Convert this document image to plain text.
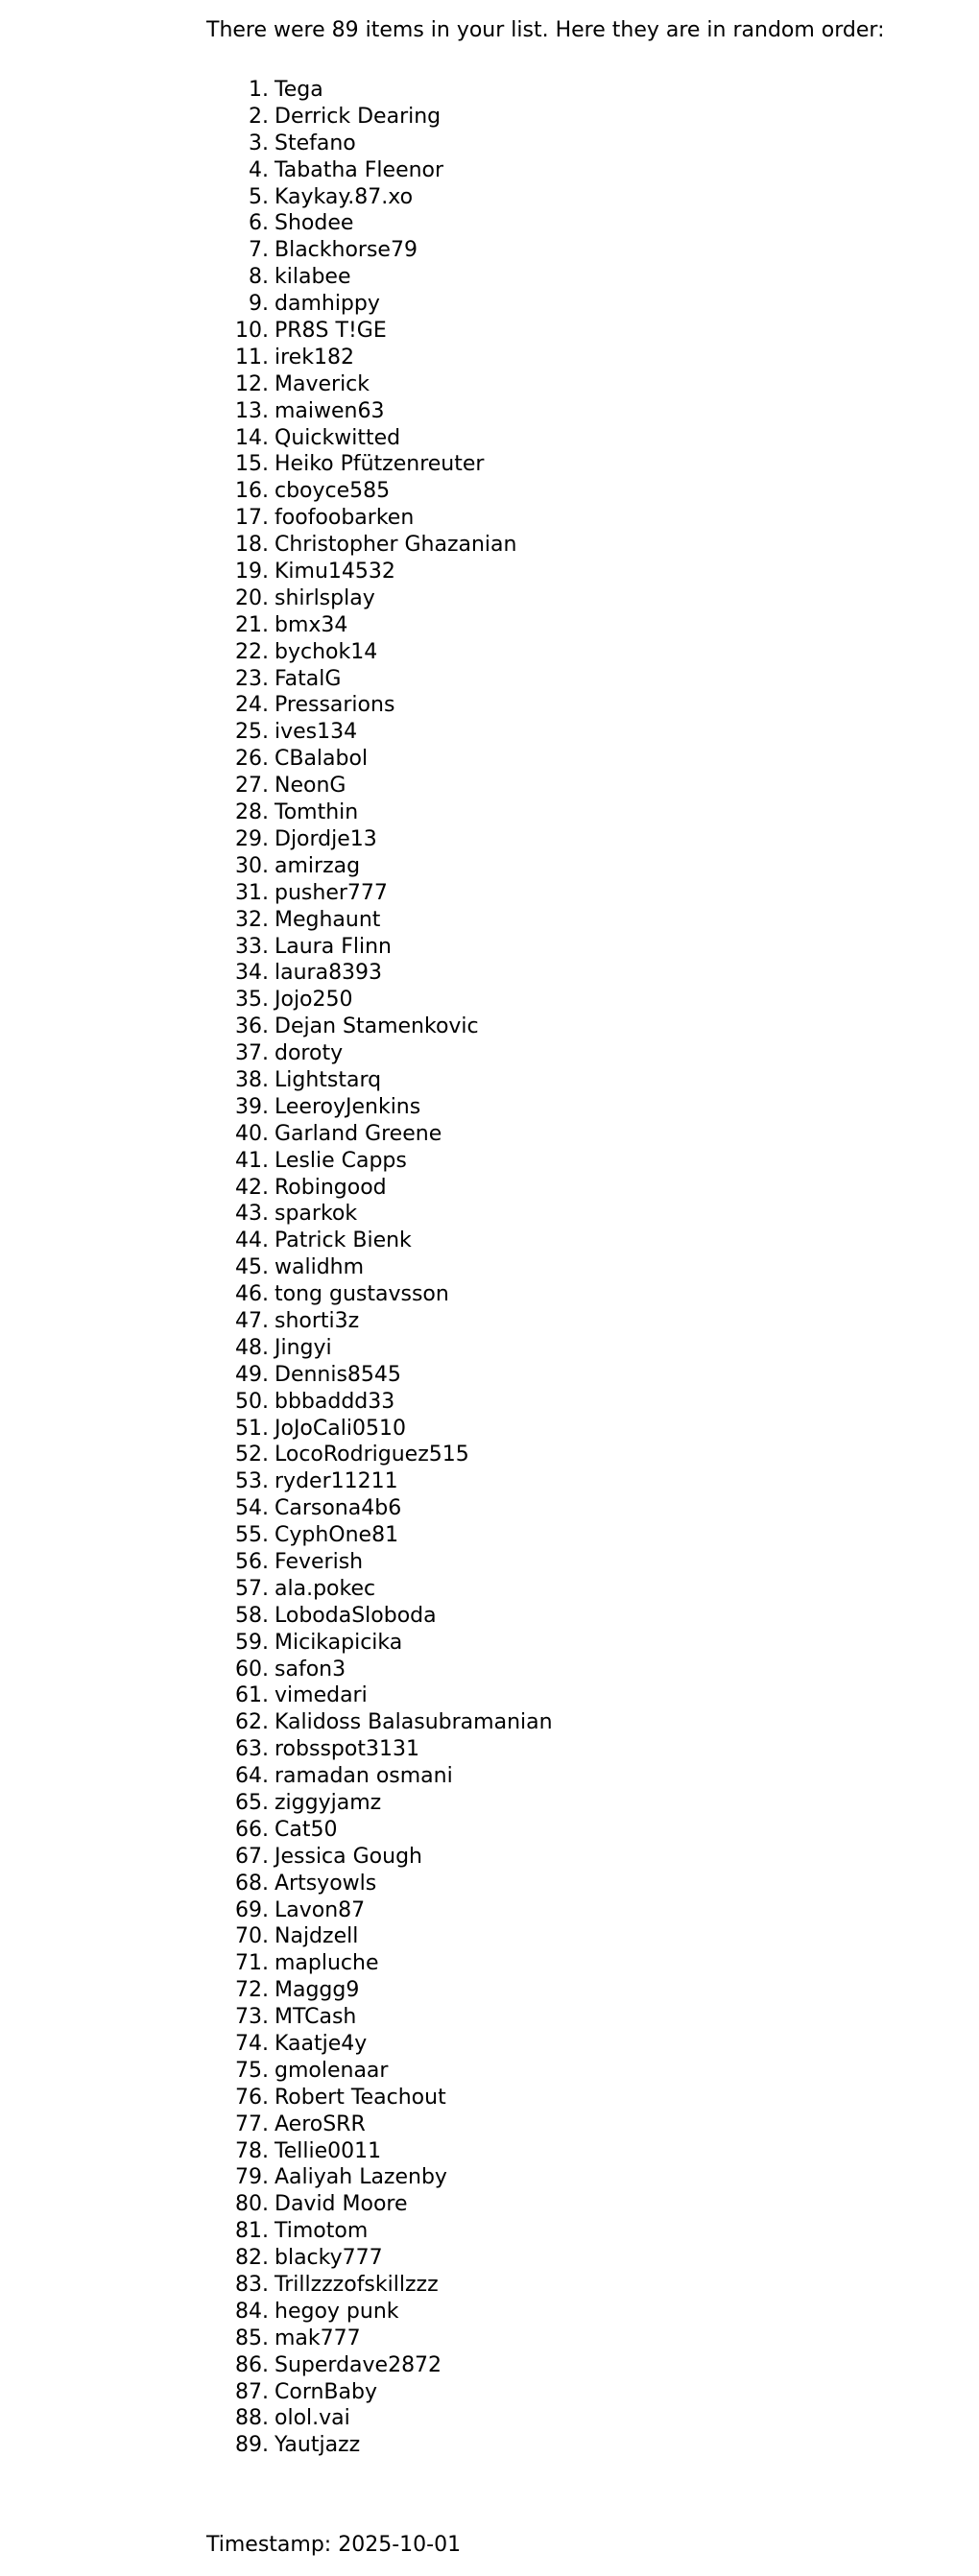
There were 89 items in your list. Here they are in random order:

1. Tega
2. Derrick Dearing
3. Stefano
4. Tabatha Fleenor
5. Kaykay.87.xo
6. Shodee
7. Blackhorse79
8. kilabee
9. damhippy
10. PR8S T!GE
11. irek182
12. Maverick
13. maiwen63
14. Quickwitted
15. Heiko Pfützenreuter
16. cboyce585
17. foofoobarken
18. Christopher Ghazanian
19. Kimu14532
20. shirlsplay
21. bmx34
22. bychok14
23. FatalG
24. Pressarions
25. ives134
26. CBalabol
27. NeonG
28. Tomthin
29. Djordje13
30. amirzag
31. pusher777
32. Meghaunt
33. Laura Flinn
34. laura8393
35. Jojo250
36. Dejan Stamenkovic
37. doroty
38. Lightstarq
39. LeeroyJenkins
40. Garland Greene
41. Leslie Capps
42. Robingood
43. sparkok
44. Patrick Bienk
45. walidhm
46. tong gustavsson
47. shorti3z
48. Jingyi
49. Dennis8545
50. bbbaddd33
51. JoJoCali0510
52. LocoRodriguez515
53. ryder11211
54. Carsona4b6
55. CyphOne81
56. Feverish
57. ala.pokec
58. LobodaSloboda
59. Micikapicika
60. safon3
61. vimedari
62. Kalidoss Balasubramanian
63. robsspot3131
64. ramadan osmani
65. ziggyjamz
66. Cat50
67. Jessica Gough
68. Artsyowls
69. Lavon87
70. Najdzell
71. mapluche
72. Maggg9
73. MTCash
74. Kaatje4y
75. gmolenaar
76. Robert Teachout
77. AeroSRR
78. Tellie0011
79. Aaliyah Lazenby
80. David Moore
81. Timotom
82. blacky777
83. Trillzzzofskillzzz
84. hegoy punk
85. mak777
86. Superdave2872
87. CornBaby
88. olol.vai
89. Yautjazz

Timestamp: 2025-10-01
